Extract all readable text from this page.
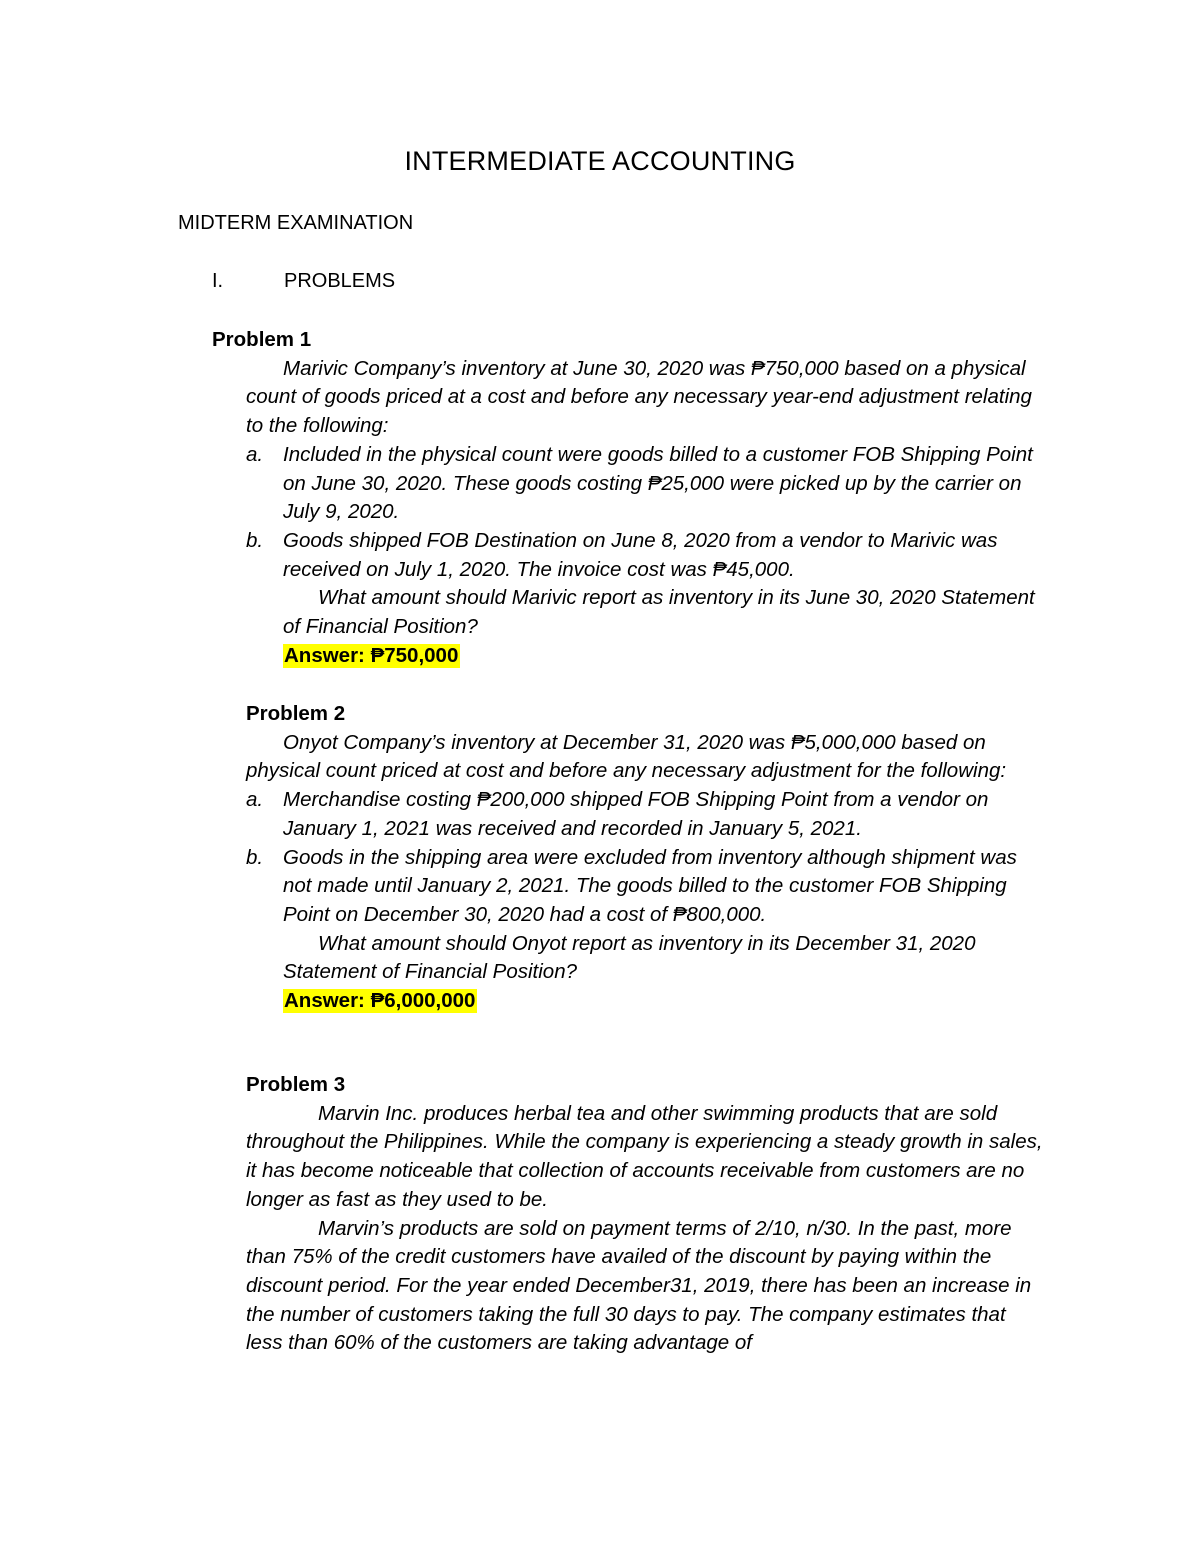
INTERMEDIATE ACCOUNTING
MIDTERM EXAMINATION
I.	PROBLEMS
Problem 1

Marivic Company’s inventory at June 30, 2020 was ₱750,000 based on a physical count of goods priced at a cost and before any necessary year-end adjustment relating to the following:

a. Included in the physical count were goods billed to a customer FOB Shipping Point on June 30, 2020. These goods costing ₱25,000 were picked up by the carrier on July 9, 2020.
b. Goods shipped FOB Destination on June 8, 2020 from a vendor to Marivic was received on July 1, 2020. The invoice cost was ₱45,000.
What amount should Marivic report as inventory in its June 30, 2020 Statement of Financial Position?
Answer: ₱750,000
Problem 2

Onyot Company’s inventory at December 31, 2020 was ₱5,000,000 based on physical count priced at cost and before any necessary adjustment for the following:

a. Merchandise costing ₱200,000 shipped FOB Shipping Point from a vendor on January 1, 2021 was received and recorded in January 5, 2021.
b. Goods in the shipping area were excluded from inventory although shipment was not made until January 2, 2021. The goods billed to the customer FOB Shipping Point on December 30, 2020 had a cost of ₱800,000.
What amount should Onyot report as inventory in its December 31, 2020 Statement of Financial Position?
Answer: ₱6,000,000
Problem 3

Marvin Inc. produces herbal tea and other swimming products that are sold throughout the Philippines. While the company is experiencing a steady growth in sales, it has become noticeable that collection of accounts receivable from customers are no longer as fast as they used to be.

Marvin’s products are sold on payment terms of 2/10, n/30. In the past, more than 75% of the credit customers have availed of the discount by paying within the discount period. For the year ended December31, 2019, there has been an increase in the number of customers taking the full 30 days to pay. The company estimates that less than 60% of the customers are taking advantage of
